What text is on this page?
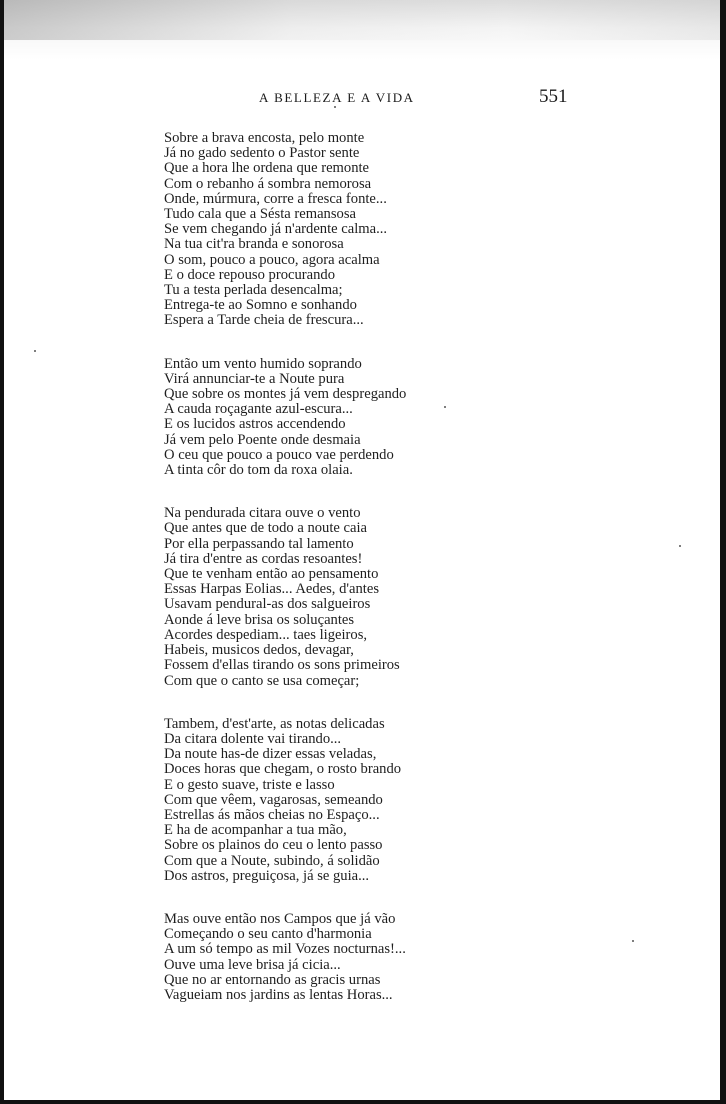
A BELLEZA E A VIDA	551
Sobre a brava encosta, pelo monte
Já no gado sedento o Pastor sente
Que a hora lhe ordena que remonte
Com o rebanho á sombra nemorosa
Onde, múrmura, corre a fresca fonte...
Tudo cala que a Sésta remansosa
Se vem chegando já n'ardente calma...
Na tua cit'ra branda e sonorosa
O som, pouco a pouco, agora acalma
E o doce repouso procurando
Tu a testa perlada desencalma;
Entrega-te ao Somno e sonhando
Espera a Tarde cheia de frescura...
Então um vento humido soprando
Virá annunciar-te a Noute pura
Que sobre os montes já vem despregando
A cauda roçagante azul-escura...
E os lucidos astros accendendo
Já vem pelo Poente onde desmaia
O ceu que pouco a pouco vae perdendo
A tinta côr do tom da roxa olaia.
Na pendurada citara ouve o vento
Que antes que de todo a noute caia
Por ella perpassando tal lamento
Já tira d'entre as cordas resoantes!
Que te venham então ao pensamento
Essas Harpas Eolias... Aedes, d'antes
Usavam pendural-as dos salgueiros
Aonde á leve brisa os soluçantes
Acordes despediam... taes ligeiros,
Habeis, musicos dedos, devagar,
Fossem d'ellas tirando os sons primeiros
Com que o canto se usa começar;
Tambem, d'est'arte, as notas delicadas
Da citara dolente vai tirando...
Da noute has-de dizer essas veladas,
Doces horas que chegam, o rosto brando
E o gesto suave, triste e lasso
Com que vêem, vagarosas, semeando
Estrellas ás mãos cheias no Espaço...
E ha de acompanhar a tua mão,
Sobre os plainos do ceu o lento passo
Com que a Noute, subindo, á solidão
Dos astros, preguiçosa, já se guia...
Mas ouve então nos Campos que já vão
Começando o seu canto d'harmonia
A um só tempo as mil Vozes nocturnas!...
Ouve uma leve brisa já cicia...
Que no ar entornando as gracis urnas
Vagueiam nos jardins as lentas Horas...
